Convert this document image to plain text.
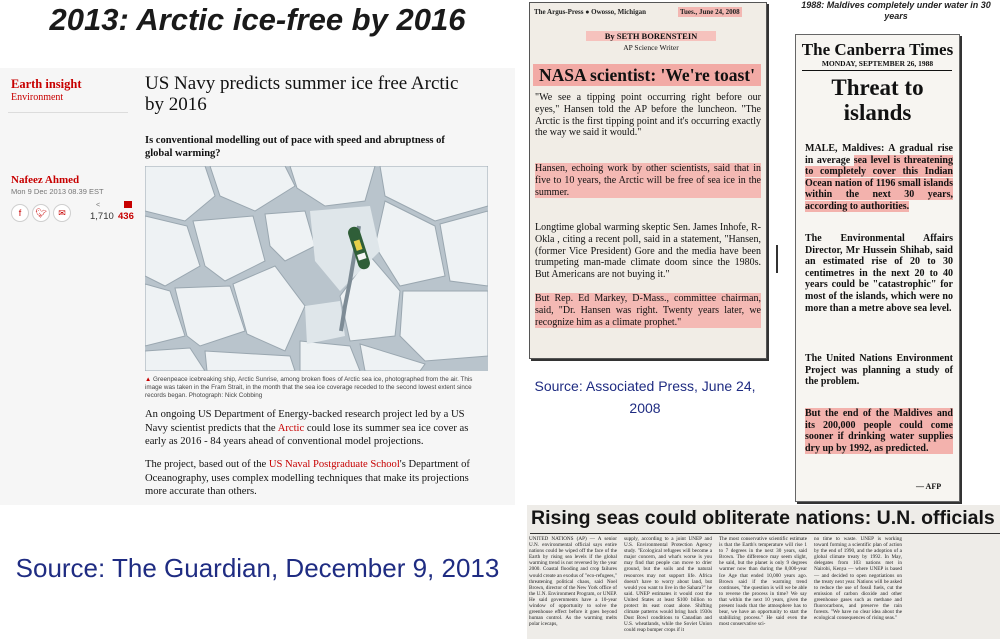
2013: Arctic ice-free by 2016
Earth insight
Environment
US Navy predicts summer ice free Arctic by 2016
Is conventional modelling out of pace with speed and abruptness of global warming?
Nafeez Ahmed
Mon 9 Dec 2013 08.39 EST
f	🐦︎	✉
<
1,710 436
▲ Greenpeace icebreaking ship, Arctic Sunrise, among broken floes of Arctic sea ice, photographed from the air. This image was taken in the Fram Strait, in the month that the sea ice coverage receded to the second lowest extent since records began. Photograph: Nick Cobbing
An ongoing US Department of Energy-backed research project led by a US Navy scientist predicts that the Arctic could lose its summer sea ice cover as early as 2016 - 84 years ahead of conventional model projections.
The project, based out of the US Naval Postgraduate School's Department of Oceanography, uses complex modelling techniques that make its projections more accurate than others.
Source: The Guardian, December 9, 2013
The Argus-Press ● Owosso, Michigan	Tues., June 24, 2008
By SETH BORENSTEIN
AP Science Writer
NASA scientist: 'We're toast'
"We see a tipping point occurring right before our eyes," Hansen told the AP before the luncheon. "The Arctic is the first tipping point and it's occurring exactly the way we said it would."
Hansen, echoing work by other scientists, said that in five to 10 years, the Arctic will be free of sea ice in the summer.
Longtime global warming skeptic Sen. James Inhofe, R-Okla , citing a recent poll, said in a statement, "Hansen, (former Vice President) Gore and the media have been trumpeting man-made climate doom since the 1980s. But Americans are not buying it."
But Rep. Ed Markey, D-Mass., committee chairman, said, "Dr. Hansen was right. Twenty years later, we recognize him as a climate prophet."
Source: Associated Press, June 24, 2008
1988: Maldives completely under water in 30 years
The Canberra Times
MONDAY, SEPTEMBER 26, 1988
Threat to islands
MALE, Maldives: A gradual rise in average sea level is threatening to completely cover this Indian Ocean nation of 1196 small islands within the next 30 years, according to authorities.
The Environmental Affairs Director, Mr Hussein Shihab, said an estimated rise of 20 to 30 centimetres in the next 20 to 40 years could be "catastrophic" for most of the islands, which were no more than a metre above sea level.
The United Nations Environment Project was planning a study of the problem.
But the end of the Maldives and its 200,000 people could come sooner if drinking water supplies dry up by 1992, as predicted.
— AFP
Rising seas could obliterate nations: U.N. officials
UNITED NATIONS (AP) — A senior U.N. environmental official says entire nations could be wiped off the face of the Earth by rising sea levels if the global warming trend is not reversed by the year 2000. Coastal flooding and crop failures would create an exodus of "eco-refugees," threatening political chaos, said Noel Brown, director of the New York office of the U.N. Environment Program, or UNEP. He said governments have a 10-year window of opportunity to solve the greenhouse effect before it goes beyond human control. As the warming melts polar icecaps,
supply, according to a joint UNEP and U.S. Environmental Protection Agency study. "Ecological refugees will become a major concern, and what's worse is you may find that people can move to drier ground, but the soils and the natural resources may not support life. Africa doesn't have to worry about land, but would you want to live in the Sahara?" he said. UNEP estimates it would cost the United States at least $100 billion to protect its east coast alone. Shifting climate patterns would bring back 1930s Dust Bowl conditions to Canadian and U.S. wheatlands, while the Soviet Union could reap bumper crops if it
The most conservative scientific estimate is that the Earth's temperature will rise 1 to 7 degrees in the next 30 years, said Brown. The difference may seem slight, he said, but the planet is only 9 degrees warmer now than during the 8,000-year Ice Age that ended 10,000 years ago. Brown said if the warming trend continues, "the question is will we be able to reverse the process in time? We say that within the next 10 years, given the present loads that the atmosphere has to bear, we have an opportunity to start the stabilizing process." He said even the most conservative sci-
no time to waste. UNEP is working toward forming a scientific plan of action by the end of 1990, and the adoption of a global climate treaty by 1992. In May, delegates from 103 nations met in Nairobi, Kenya — where UNEP is based — and decided to open negotiations on the treaty next year. Nations will be asked to reduce the use of fossil fuels, cut the emission of carbon dioxide and other greenhouse gases such as methane and fluorocarbons, and preserve the rain forests. "We have no clear idea about the ecological consequences of rising seas."
